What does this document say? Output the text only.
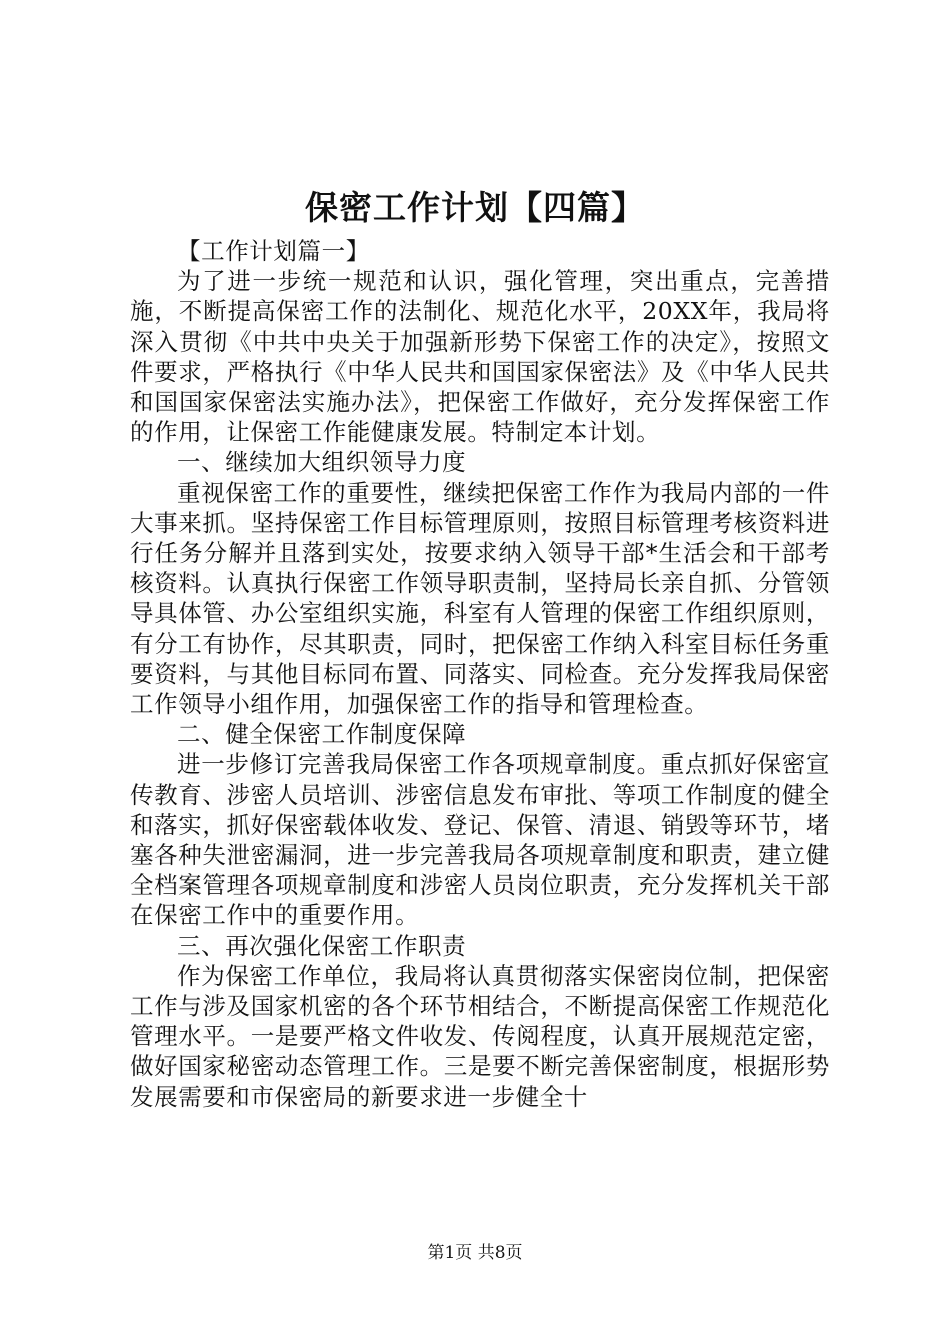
保密工作计划【四篇】

【工作计划篇一】

为了进一步统一规范和认识，强化管理，突出重点，完善措施，不断提高保密工作的法制化、规范化水平，20XX年，我局将深入贯彻《中共中央关于加强新形势下保密工作的决定》，按照文件要求，严格执行《中华人民共和国国家保密法》及《中华人民共和国国家保密法实施办法》，把保密工作做好，充分发挥保密工作的作用，让保密工作能健康发展。特制定本计划。

一、继续加大组织领导力度

重视保密工作的重要性，继续把保密工作作为我局内部的一件大事来抓。坚持保密工作目标管理原则，按照目标管理考核资料进行任务分解并且落到实处，按要求纳入领导干部*生活会和干部考核资料。认真执行保密工作领导职责制，坚持局长亲自抓、分管领导具体管、办公室组织实施，科室有人管理的保密工作组织原则，有分工有协作，尽其职责，同时，把保密工作纳入科室目标任务重要资料，与其他目标同布置、同落实、同检查。充分发挥我局保密工作领导小组作用，加强保密工作的指导和管理检查。

二、健全保密工作制度保障

进一步修订完善我局保密工作各项规章制度。重点抓好保密宣传教育、涉密人员培训、涉密信息发布审批、等项工作制度的健全和落实，抓好保密载体收发、登记、保管、清退、销毁等环节，堵塞各种失泄密漏洞，进一步完善我局各项规章制度和职责，建立健全档案管理各项规章制度和涉密人员岗位职责，充分发挥机关干部在保密工作中的重要作用。

三、再次强化保密工作职责

作为保密工作单位，我局将认真贯彻落实保密岗位制，把保密工作与涉及国家机密的各个环节相结合，不断提高保密工作规范化管理水平。一是要严格文件收发、传阅程度，认真开展规范定密，做好国家秘密动态管理工作。三是要不断完善保密制度，根据形势发展需要和市保密局的新要求进一步健全十

第1页 共8页
